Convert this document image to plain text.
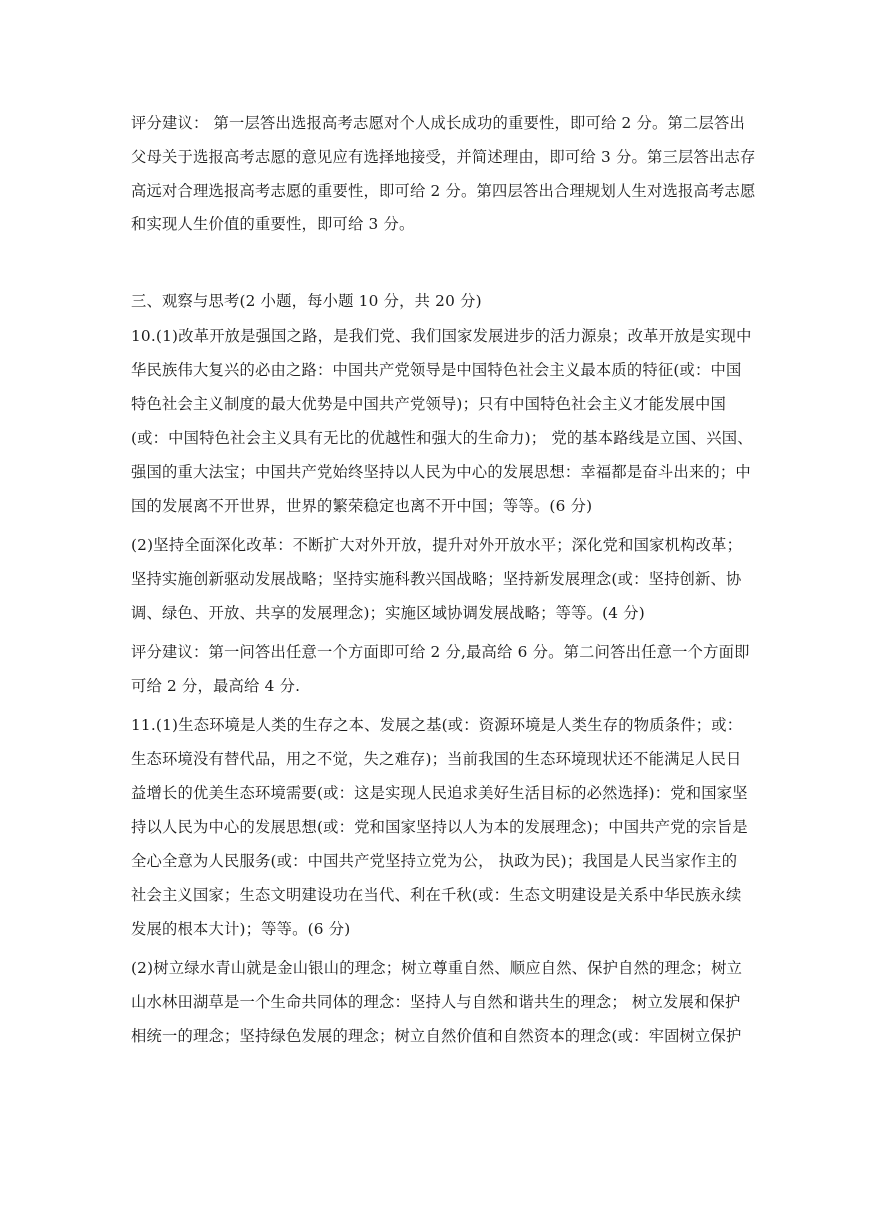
评分建议： 第一层答出选报高考志愿对个人成长成功的重要性，即可给 2 分。第二层答出
父母关于选报高考志愿的意见应有选择地接受，并简述理由，即可给 3 分。第三层答出志存
高远对合理选报高考志愿的重要性，即可给 2 分。第四层答出合理规划人生对选报高考志愿
和实现人生价值的重要性，即可给 3 分。
三、观察与思考(2 小题，每小题 10 分，共 20 分)
10.(1)改革开放是强国之路，是我们党、我们国家发展进步的活力源泉；改革开放是实现中
华民族伟大复兴的必由之路：中国共产党领导是中国特色社会主义最本质的特征(或：中国
特色社会主义制度的最大优势是中国共产党领导)；只有中国特色社会主义才能发展中国
(或：中国特色社会主义具有无比的优越性和强大的生命力)； 党的基本路线是立国、兴国、
强国的重大法宝；中国共产党始终坚持以人民为中心的发展思想：幸福都是奋斗出来的；中
国的发展离不开世界，世界的繁荣稳定也离不开中国；等等。(6 分)
(2)坚持全面深化改革：不断扩大对外开放，提升对外开放水平；深化党和国家机构改革；
坚持实施创新驱动发展战略；坚持实施科教兴国战略；坚持新发展理念(或：坚持创新、协
调、绿色、开放、共享的发展理念)；实施区域协调发展战略；等等。(4 分)
评分建议：第一问答出任意一个方面即可给 2 分,最高给 6 分。第二问答出任意一个方面即
可给 2 分，最高给 4 分.
11.(1)生态环境是人类的生存之本、发展之基(或：资源环境是人类生存的物质条件；或：
生态环境没有替代品，用之不觉，失之难存)；当前我国的生态环境现状还不能满足人民日
益增长的优美生态环境需要(或：这是实现人民追求美好生活目标的必然选择)：党和国家坚
持以人民为中心的发展思想(或：党和国家坚持以人为本的发展理念)；中国共产党的宗旨是
全心全意为人民服务(或：中国共产党坚持立党为公， 执政为民)；我国是人民当家作主的
社会主义国家；生态文明建设功在当代、利在千秋(或：生态文明建设是关系中华民族永续
发展的根本大计)；等等。(6 分)
(2)树立绿水青山就是金山银山的理念；树立尊重自然、顺应自然、保护自然的理念；树立
山水林田湖草是一个生命共同体的理念：坚持人与自然和谐共生的理念； 树立发展和保护
相统一的理念；坚持绿色发展的理念；树立自然价值和自然资本的理念(或：牢固树立保护
